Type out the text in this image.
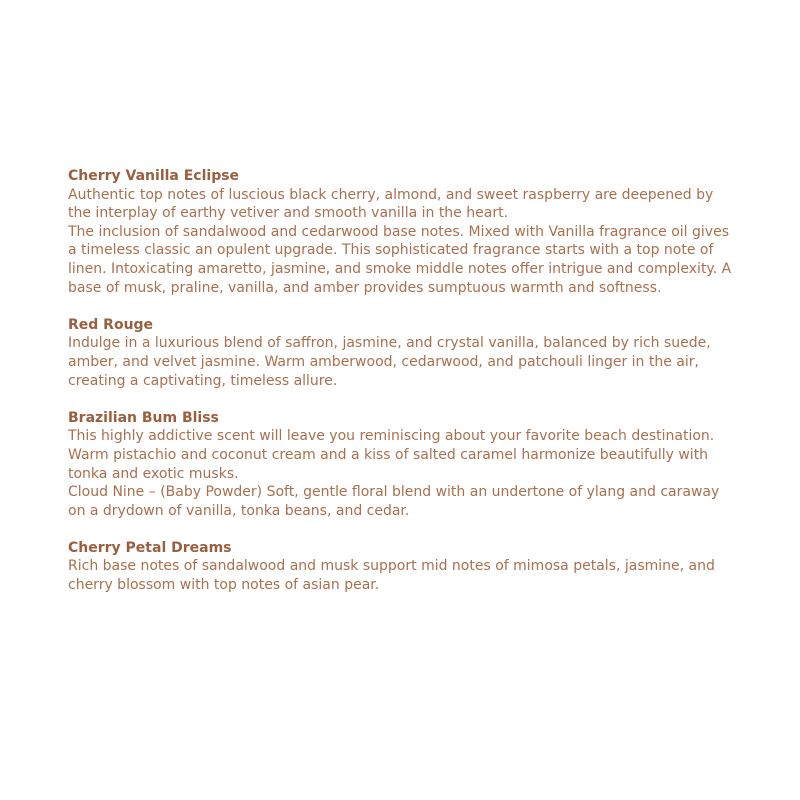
Cherry Vanilla Eclipse

Authentic top notes of luscious black cherry, almond, and sweet raspberry are deepened by the interplay of earthy vetiver and smooth vanilla in the heart.

The inclusion of sandalwood and cedarwood base notes. Mixed with Vanilla fragrance oil gives a timeless classic an opulent upgrade. This sophisticated fragrance starts with a top note of linen. Intoxicating amaretto, jasmine, and smoke middle notes offer intrigue and complexity. A base of musk, praline, vanilla, and amber provides sumptuous warmth and softness.

Red Rouge

Indulge in a luxurious blend of saffron, jasmine, and crystal vanilla, balanced by rich suede, amber, and velvet jasmine. Warm amberwood, cedarwood, and patchouli linger in the air, creating a captivating, timeless allure.

Brazilian Bum Bliss

This highly addictive scent will leave you reminiscing about your favorite beach destination. Warm pistachio and coconut cream and a kiss of salted caramel harmonize beautifully with tonka and exotic musks.

Cloud Nine – (Baby Powder) Soft, gentle floral blend with an undertone of ylang and caraway on a drydown of vanilla, tonka beans, and cedar.

Cherry Petal Dreams

Rich base notes of sandalwood and musk support mid notes of mimosa petals, jasmine, and cherry blossom with top notes of asian pear.
